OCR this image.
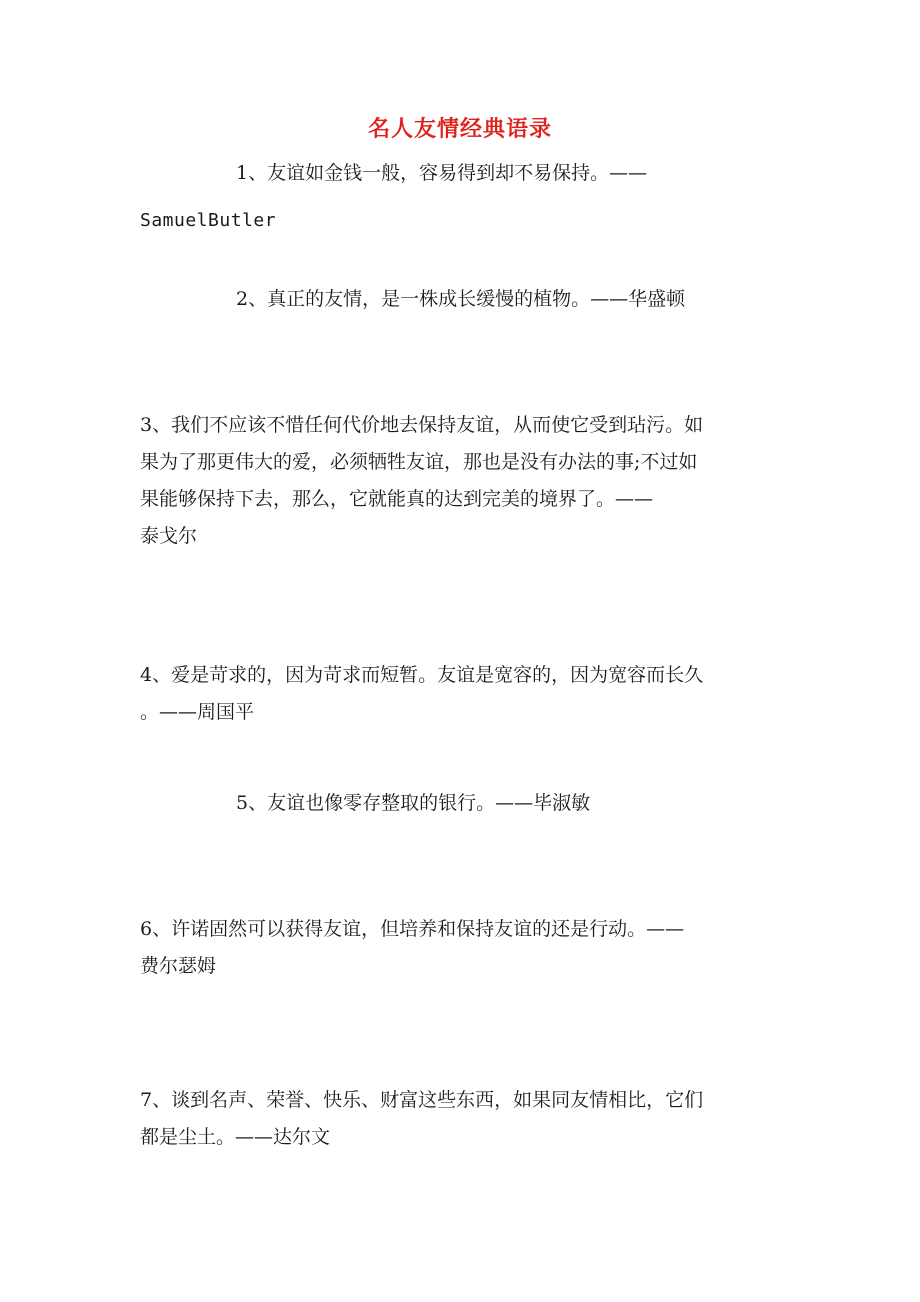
名人友情经典语录

1、友谊如金钱一般，容易得到却不易保持。——
SamuelButler

2、真正的友情，是一株成长缓慢的植物。——华盛顿

3、我们不应该不惜任何代价地去保持友谊，从而使它受到玷污。如
果为了那更伟大的爱，必须牺牲友谊，那也是没有办法的事;不过如
果能够保持下去，那么，它就能真的达到完美的境界了。——
泰戈尔

4、爱是苛求的，因为苛求而短暂。友谊是宽容的，因为宽容而长久
。——周国平

5、友谊也像零存整取的银行。——毕淑敏

6、许诺固然可以获得友谊，但培养和保持友谊的还是行动。——
费尔瑟姆

7、谈到名声、荣誉、快乐、财富这些东西，如果同友情相比，它们
都是尘土。——达尔文
